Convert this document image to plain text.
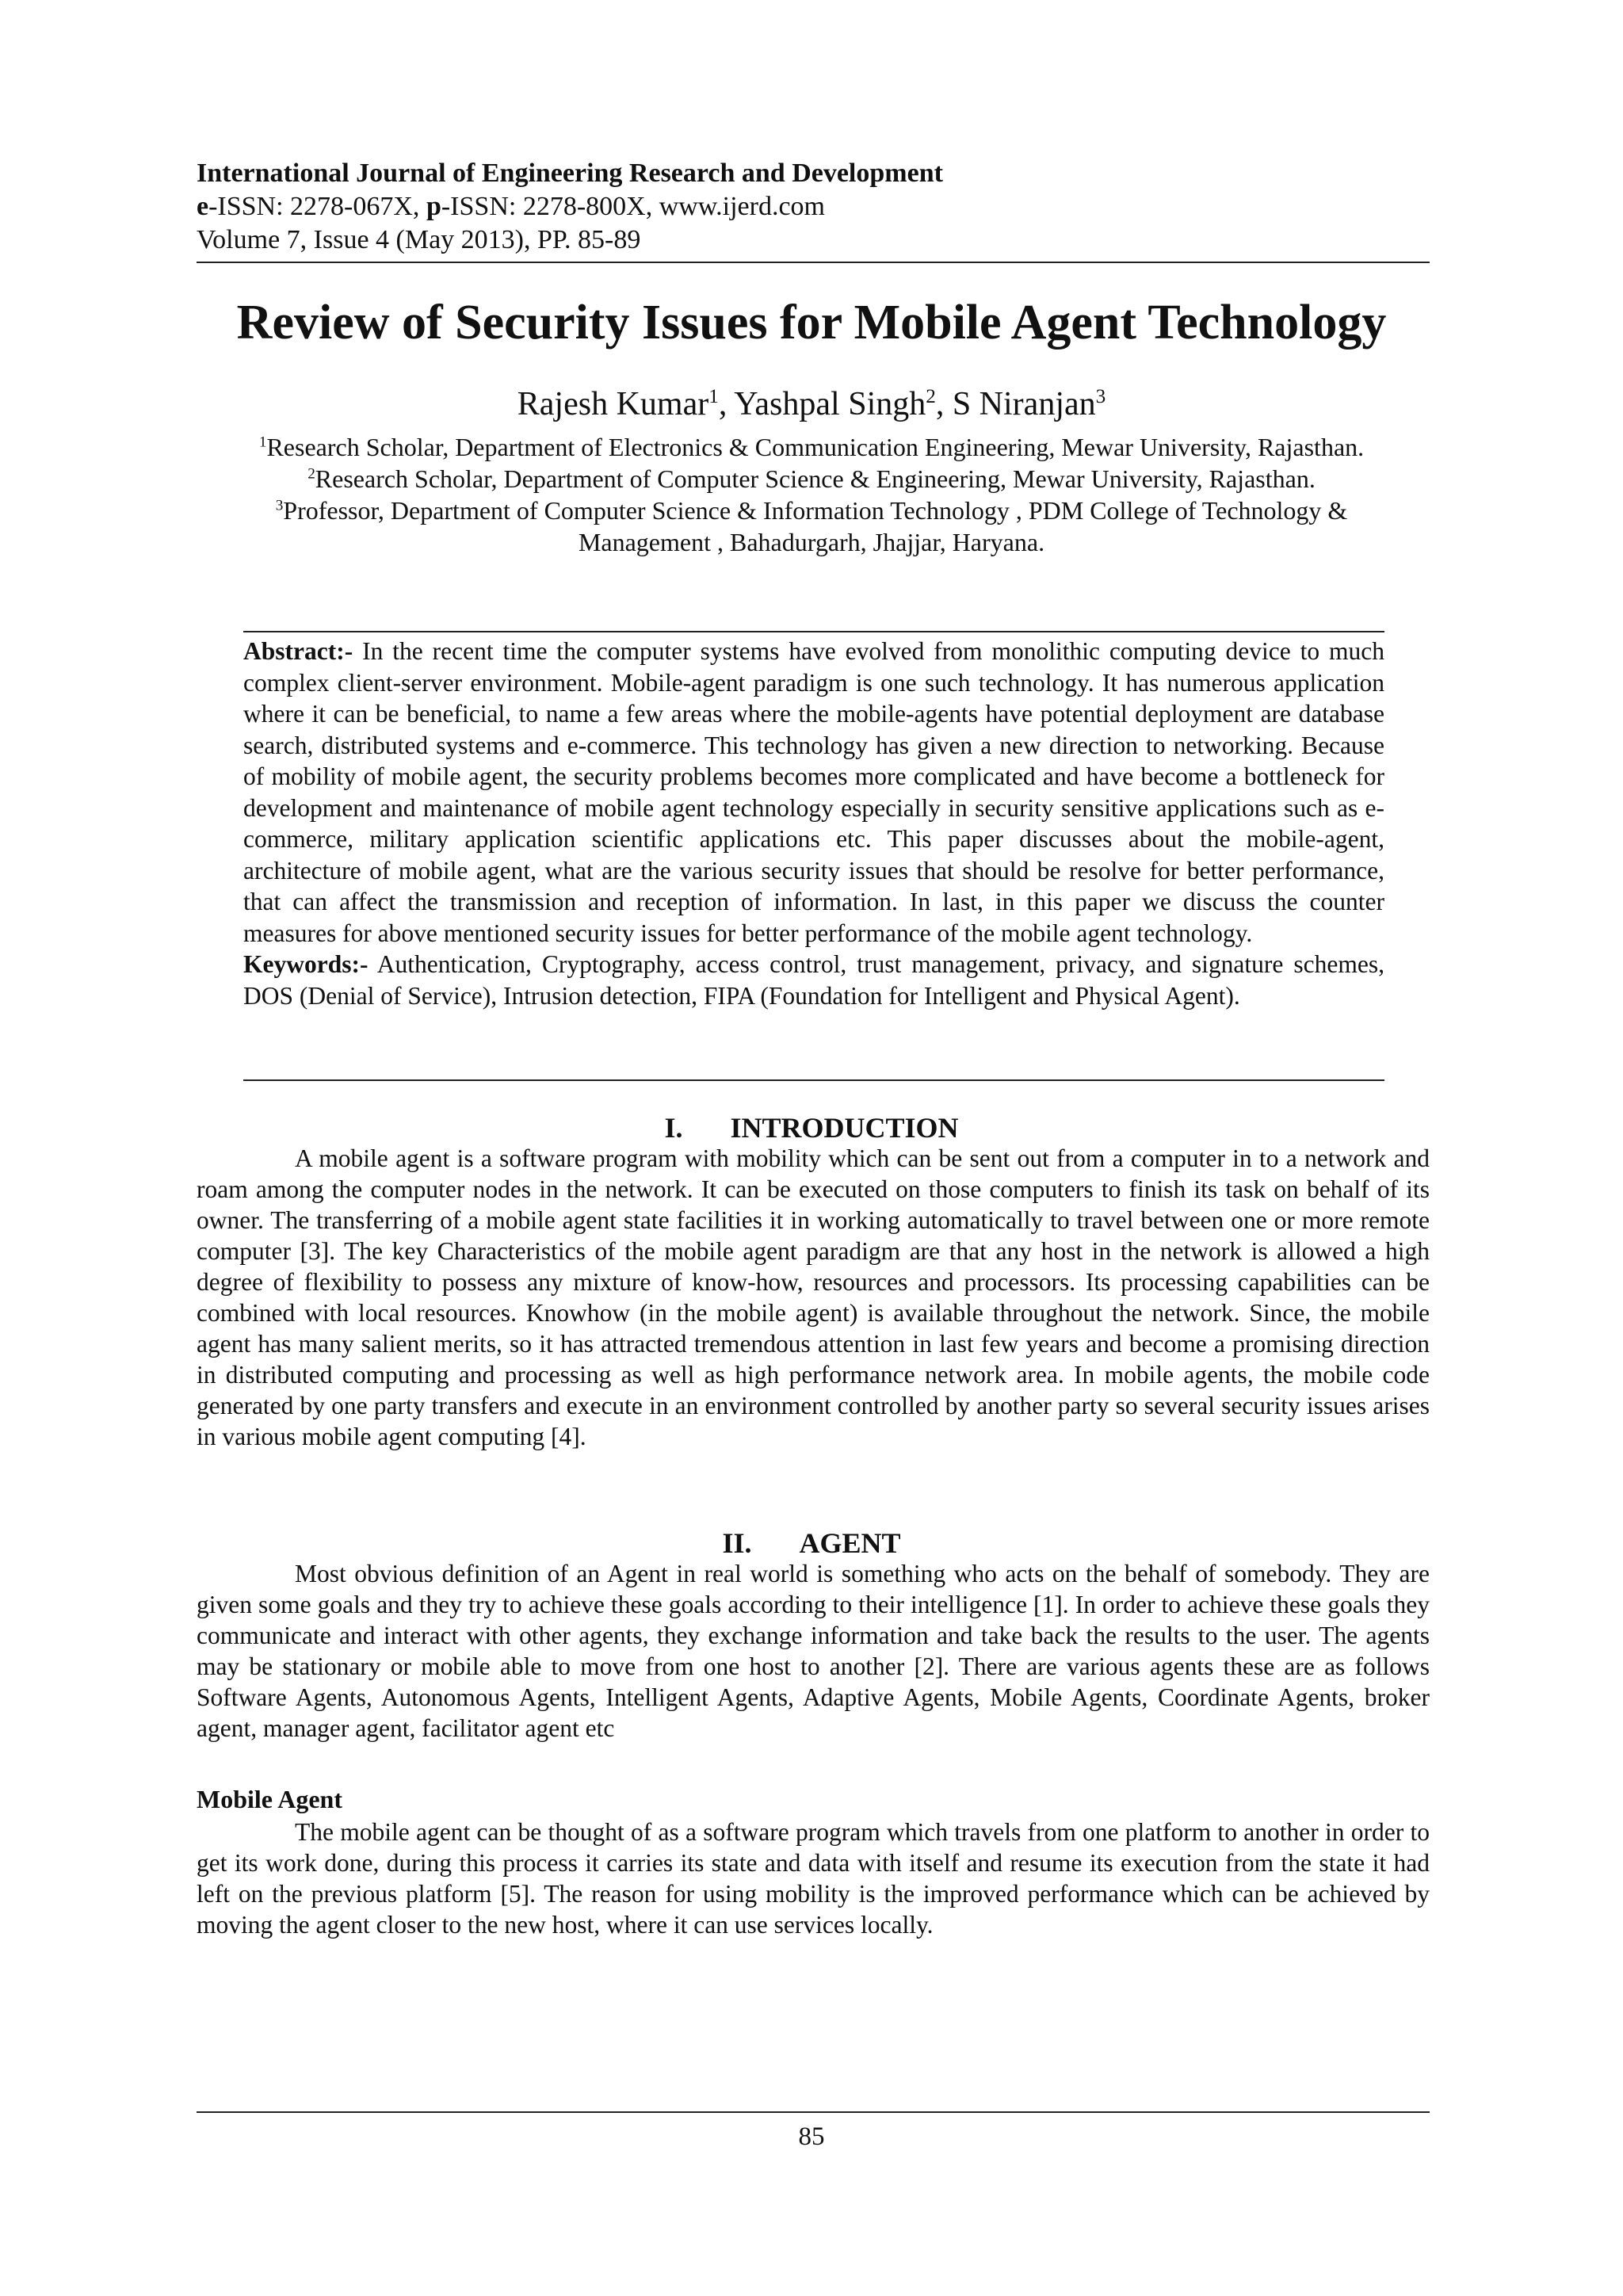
International Journal of Engineering Research and Development
e-ISSN: 2278-067X, p-ISSN: 2278-800X, www.ijerd.com
Volume 7, Issue 4 (May 2013), PP. 85-89
Review of Security Issues for Mobile Agent Technology
Rajesh Kumar$^1$, Yashpal Singh$^2$, S Niranjan$^3$
$^1$Research Scholar, Department of Electronics & Communication Engineering, Mewar University, Rajasthan.
$^2$Research Scholar, Department of Computer Science & Engineering, Mewar University, Rajasthan.
$^3$Professor, Department of Computer Science & Information Technology , PDM College of Technology &
Management , Bahadurgarh, Jhajjar, Haryana.

Abstract:- In the recent time the computer systems have evolved from monolithic computing device to much complex client-server environment. Mobile-agent paradigm is one such technology. It has numerous application where it can be beneficial, to name a few areas where the mobile-agents have potential deployment are database search, distributed systems and e-commerce. This technology has given a new direction to networking. Because of mobility of mobile agent, the security problems becomes more complicated and have become a bottleneck for development and maintenance of mobile agent technology especially in security sensitive applications such as e-commerce, military application scientific applications etc. This paper discusses about the mobile-agent, architecture of mobile agent, what are the various security issues that should be resolve for better performance, that can affect the transmission and reception of information. In last, in this paper we discuss the counter measures for above mentioned security issues for better performance of the mobile agent technology.

Keywords:- Authentication, Cryptography, access control, trust management, privacy, and signature schemes, DOS (Denial of Service), Intrusion detection, FIPA (Foundation for Intelligent and Physical Agent).

I. INTRODUCTION

A mobile agent is a software program with mobility which can be sent out from a computer in to a network and roam among the computer nodes in the network. It can be executed on those computers to finish its task on behalf of its owner. The transferring of a mobile agent state facilities it in working automatically to travel between one or more remote computer [3]. The key Characteristics of the mobile agent paradigm are that any host in the network is allowed a high degree of flexibility to possess any mixture of know-how, resources and processors. Its processing capabilities can be combined with local resources. Knowhow (in the mobile agent) is available throughout the network. Since, the mobile agent has many salient merits, so it has attracted tremendous attention in last few years and become a promising direction in distributed computing and processing as well as high performance network area. In mobile agents, the mobile code generated by one party transfers and execute in an environment controlled by another party so several security issues arises in various mobile agent computing [4].

II. AGENT

Most obvious definition of an Agent in real world is something who acts on the behalf of somebody. They are given some goals and they try to achieve these goals according to their intelligence [1]. In order to achieve these goals they communicate and interact with other agents, they exchange information and take back the results to the user. The agents may be stationary or mobile able to move from one host to another [2]. There are various agents these are as follows Software Agents, Autonomous Agents, Intelligent Agents, Adaptive Agents, Mobile Agents, Coordinate Agents, broker agent, manager agent, facilitator agent etc

Mobile Agent

The mobile agent can be thought of as a software program which travels from one platform to another in order to get its work done, during this process it carries its state and data with itself and resume its execution from the state it had left on the previous platform [5]. The reason for using mobility is the improved performance which can be achieved by moving the agent closer to the new host, where it can use services locally.

85
